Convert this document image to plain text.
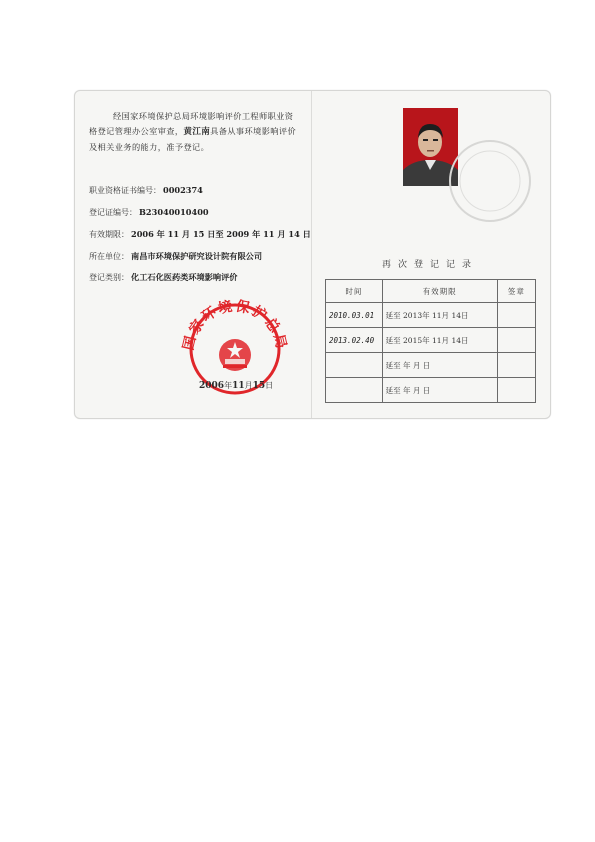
经国家环境保护总局环境影响评价工程师职业资格登记管理办公室审查，黄江南具备从事环境影响评价及相关业务的能力，准予登记。

职业资格证书编号： 0002374
登记证编号： B23040010400
有效期限： 2006 年 11 月 15 日至 2009 年 11 月 14 日
所在单位： 南昌市环境保护研究设计院有限公司
登记类别： 化工石化医药类环境影响评价
国家环境保护总局
2006年11月15日
再次登记记录
时间	有效期限	签章
2010.03.01	延至 2013年 11月 14日	
2013.02.40	延至 2015年 11月 14日	
	延至 年 月 日	
	延至 年 月 日	
